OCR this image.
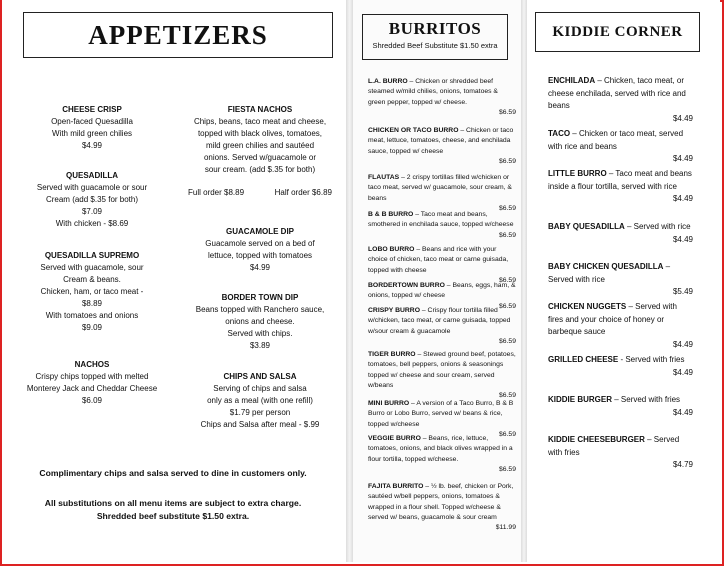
APPETIZERS
CHEESE CRISP
Open-faced Quesadilla
With mild green chilies
$4.99
QUESADILLA
Served with guacamole or sour
Cream (add $.35 for both)
$7.09
With chicken - $8.69
QUESADILLA SUPREMO
Served with guacamole, sour
Cream & beans.
Chicken, ham, or taco meat -
$8.89
With tomatoes and onions
$9.09
NACHOS
Crispy chips topped with melted
Monterey Jack and Cheddar Cheese
$6.09
FIESTA NACHOS
Chips, beans, taco meat and cheese,
topped with black olives, tomatoes,
mild green chilies and sautéed
onions. Served w/guacamole or
sour cream. (add $.35 for both)
Full order $8.89	Half order $6.89
GUACAMOLE DIP
Guacamole served on a bed of
lettuce, topped with tomatoes
$4.99
BORDER TOWN DIP
Beans topped with Ranchero sauce,
onions and cheese.
Served with chips.
$3.89
CHIPS AND SALSA
Serving of chips and salsa
only as a meal (with one refill)
$1.79 per person
Chips and Salsa after meal - $.99
Complimentary chips and salsa served to dine in customers only.
All substitutions on all menu items are subject to extra charge.
Shredded beef substitute $1.50 extra.
BURRITOS
Shredded Beef Substitute $1.50 extra
L.A. BURRO – Chicken or shredded beef steamed w/mild chilies, onions, tomatoes & green pepper, topped w/ cheese.
$6.59
CHICKEN OR TACO BURRO – Chicken or taco meat, lettuce, tomatoes, cheese, and enchilada sauce, topped w/ cheese
$6.59
FLAUTAS – 2 crispy tortillas filled w/chicken or taco meat, served w/ guacamole, sour cream, & beans
$6.59
B & B BURRO – Taco meat and beans, smothered in enchilada sauce, topped w/cheese
$6.59
LOBO BURRO – Beans and rice with your choice of chicken, taco meat or carne guisada, topped with cheese
$6.59
BORDERTOWN BURRO – Beans, eggs, ham, & onions, topped w/ cheese
$6.59
CRISPY BURRO – Crispy flour tortilla filled w/chicken, taco meat, or carne guisada, topped w/sour cream & guacamole
$6.59
TIGER BURRO – Stewed ground beef, potatoes, tomatoes, bell peppers, onions & seasonings topped w/ cheese and sour cream, served w/beans
$6.59
MINI BURRO – A version of a Taco Burro, B & B Burro or Lobo Burro, served w/ beans & rice, topped w/cheese
$6.59
VEGGIE BURRO – Beans, rice, lettuce, tomatoes, onions, and black olives wrapped in a flour tortilla, topped w/cheese.
$6.59
FAJITA BURRITO – ½ lb. beef, chicken or Pork, sautéed w/bell peppers, onions, tomatoes & wrapped in a flour shell. Topped w/cheese & served w/ beans, guacamole & sour cream
$11.99
KIDDIE CORNER
ENCHILADA – Chicken, taco meat, or cheese enchilada, served with rice and beans
$4.49
TACO – Chicken or taco meat, served with rice and beans
$4.49
LITTLE BURRO – Taco meat and beans inside a flour tortilla, served with rice
$4.49
BABY QUESADILLA – Served with rice
$4.49
BABY CHICKEN QUESADILLA – Served with rice
$5.49
CHICKEN NUGGETS – Served with fires and your choice of honey or barbeque sauce
$4.49
GRILLED CHEESE - Served with fries
$4.49
KIDDIE BURGER – Served with fries
$4.49
KIDDIE CHEESEBURGER – Served with fries
$4.79
